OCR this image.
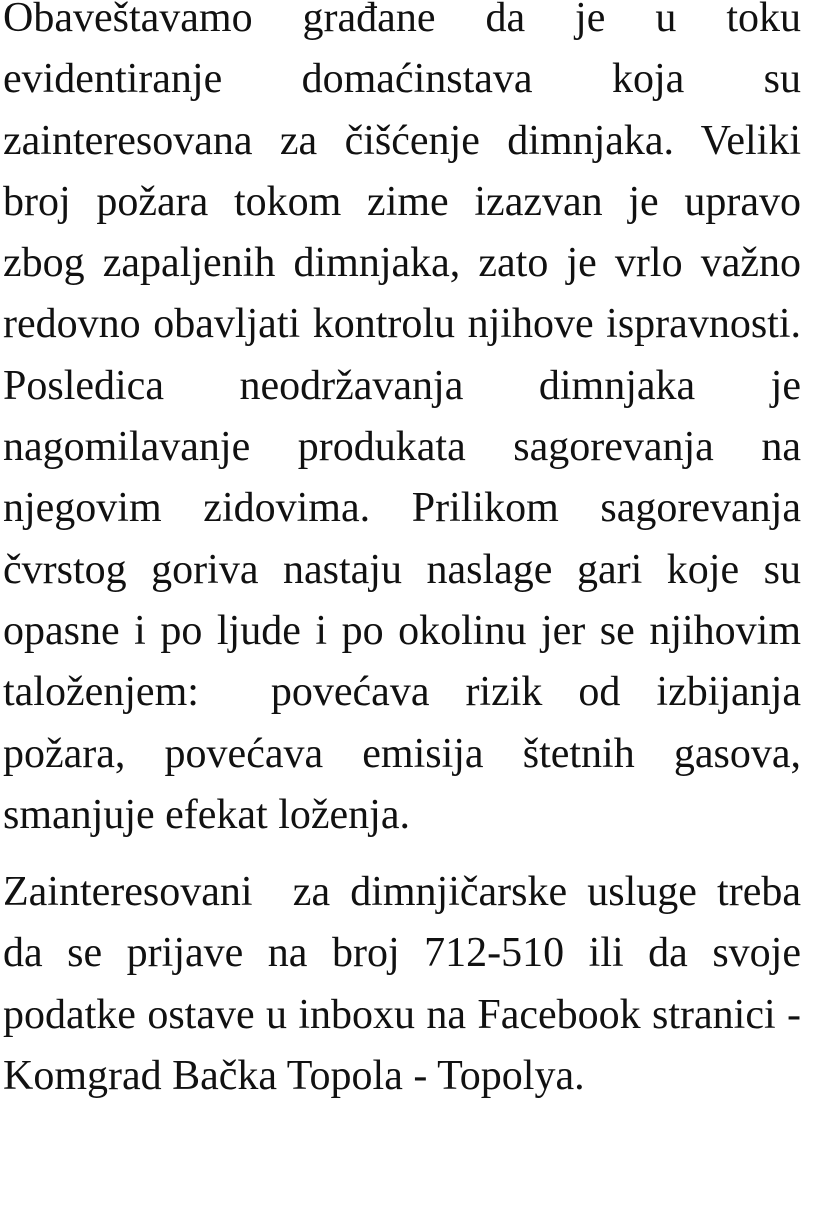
Obaveštavamo građane da je u toku evidentiranje domaćinstava koja su zainteresovana za čišćenje dimnjaka. Veliki broj požara tokom zime izazvan je upravo zbog zapaljenih dimnjaka, zato je vrlo važno redovno obavljati kontrolu njihove ispravnosti. Posledica neodržavanja dimnjaka je nagomilavanje produkata sagorevanja na njegovim zidovima. Prilikom sagorevanja čvrstog goriva nastaju naslage gari koje su opasne i po ljude i po okolinu jer se njihovim taloženjem:  povećava rizik od izbijanja požara, povećava emisija štetnih gasova, smanjuje efekat loženja.

Zainteresovani  za dimnjičarske usluge treba da se prijave na broj 712-510 ili da svoje podatke ostave u inboxu na Facebook stranici - Komgrad Bačka Topola - Topolya.
